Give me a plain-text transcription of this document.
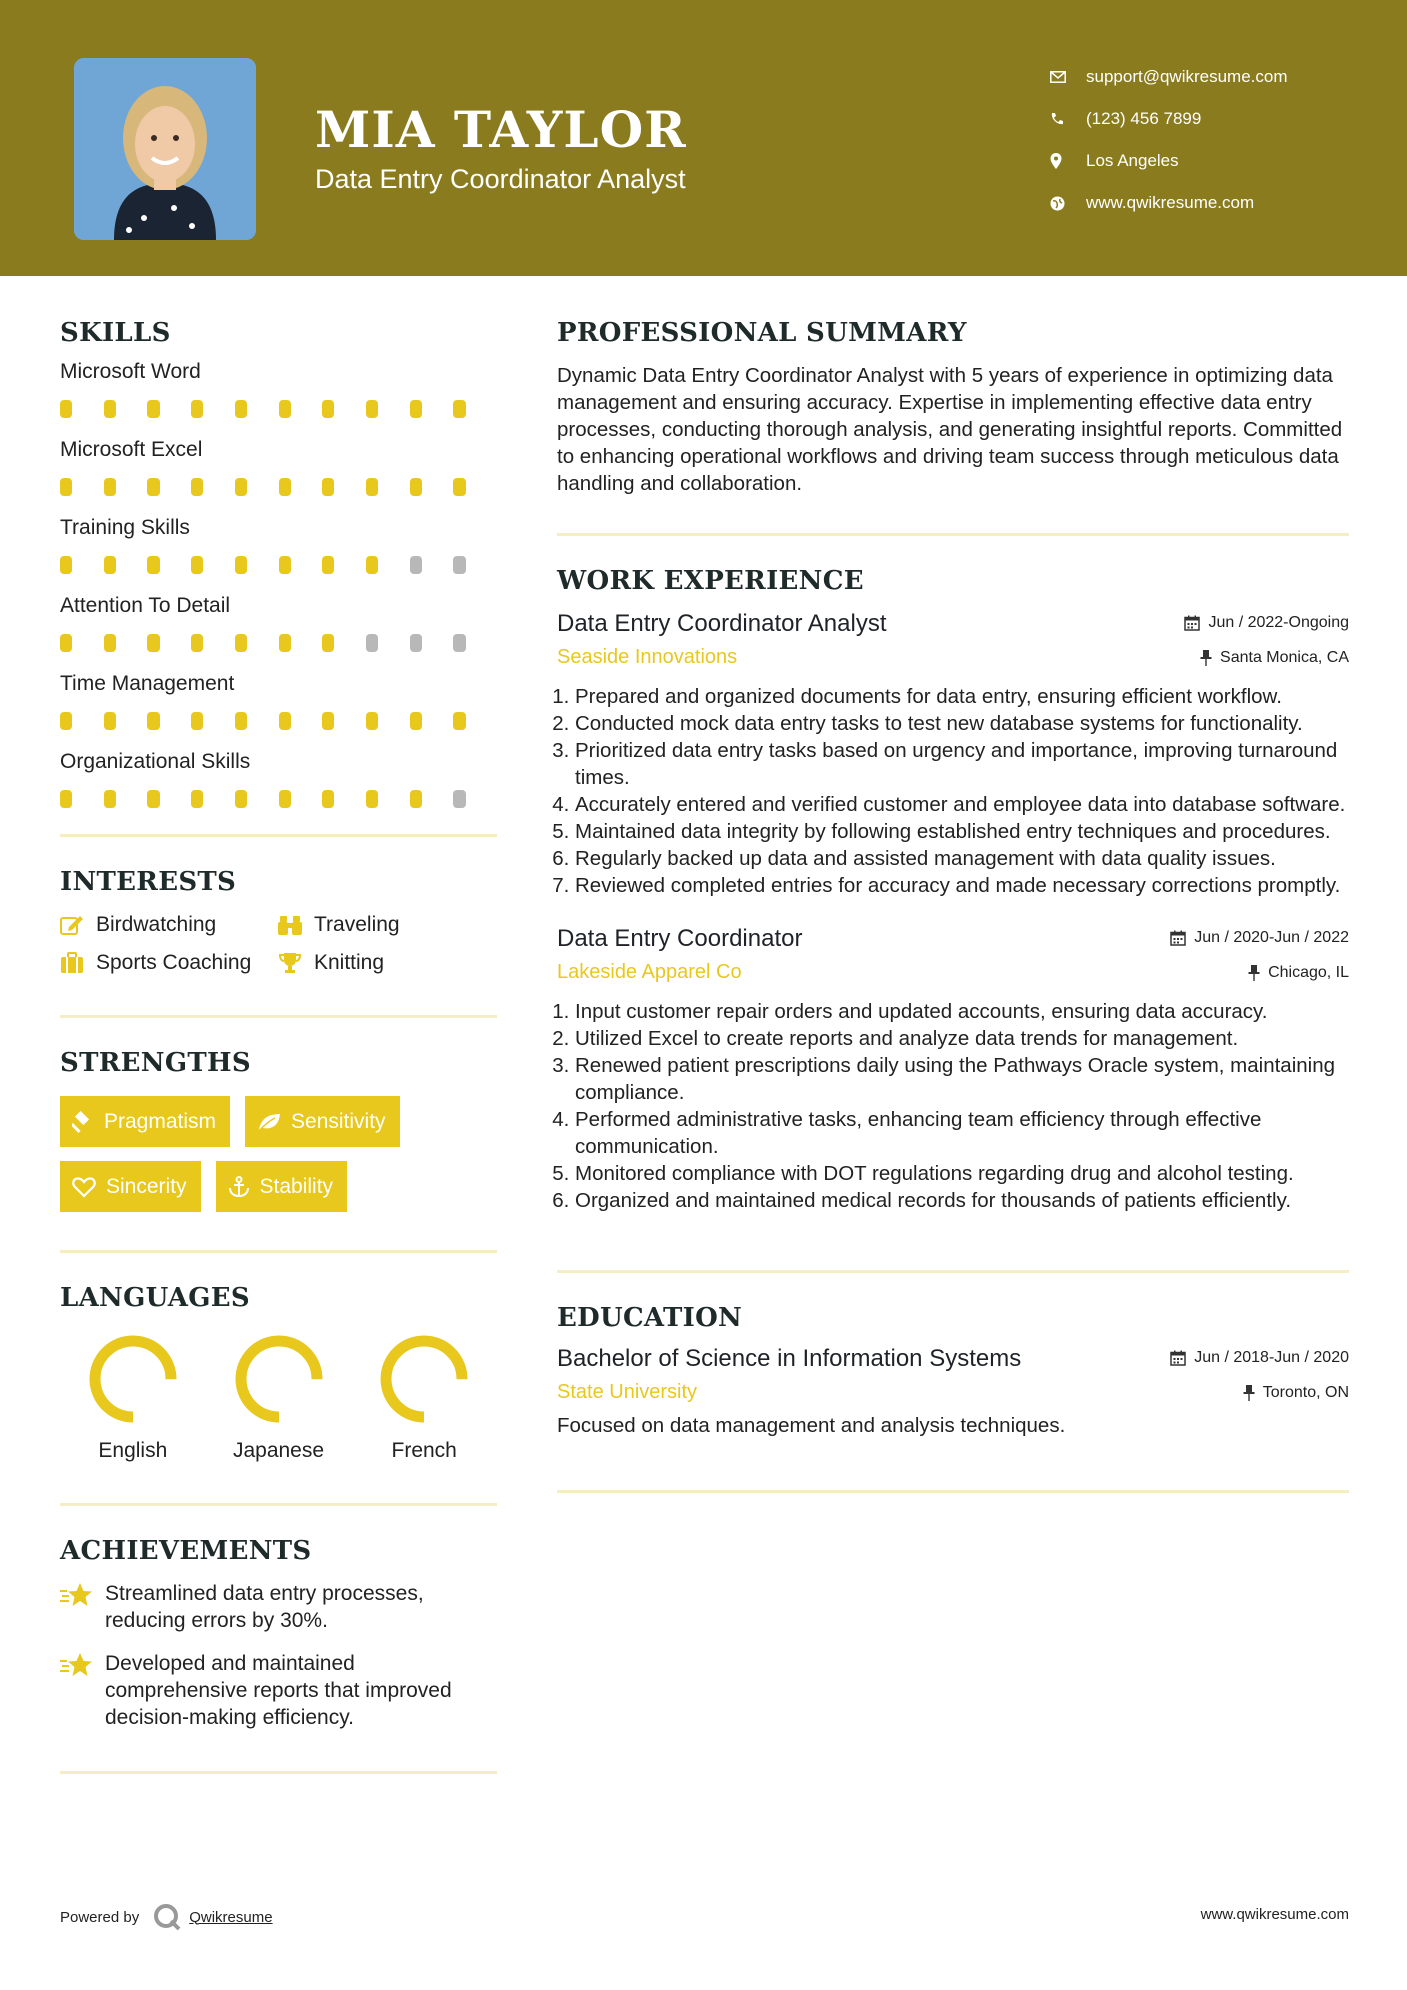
MIA TAYLOR
Data Entry Coordinator Analyst
support@qwikresume.com
(123) 456 7899
Los Angeles
www.qwikresume.com
SKILLS
Microsoft Word
Microsoft Excel
Training Skills
Attention To Detail
Time Management
Organizational Skills
INTERESTS
Birdwatching	Traveling
Sports Coaching	Knitting
STRENGTHS
Pragmatism	Sensitivity
Sincerity	Stability
LANGUAGES
English	Japanese	French
ACHIEVEMENTS
Streamlined data entry processes, reducing errors by 30%.
Developed and maintained comprehensive reports that improved decision-making efficiency.
PROFESSIONAL SUMMARY
Dynamic Data Entry Coordinator Analyst with 5 years of experience in optimizing data management and ensuring accuracy. Expertise in implementing effective data entry processes, conducting thorough analysis, and generating insightful reports. Committed to enhancing operational workflows and driving team success through meticulous data handling and collaboration.
WORK EXPERIENCE
Data Entry Coordinator Analyst	Jun / 2022-Ongoing
Seaside Innovations	Santa Monica, CA
1. Prepared and organized documents for data entry, ensuring efficient workflow.
2. Conducted mock data entry tasks to test new database systems for functionality.
3. Prioritized data entry tasks based on urgency and importance, improving turnaround times.
4. Accurately entered and verified customer and employee data into database software.
5. Maintained data integrity by following established entry techniques and procedures.
6. Regularly backed up data and assisted management with data quality issues.
7. Reviewed completed entries for accuracy and made necessary corrections promptly.
Data Entry Coordinator	Jun / 2020-Jun / 2022
Lakeside Apparel Co	Chicago, IL
1. Input customer repair orders and updated accounts, ensuring data accuracy.
2. Utilized Excel to create reports and analyze data trends for management.
3. Renewed patient prescriptions daily using the Pathways Oracle system, maintaining compliance.
4. Performed administrative tasks, enhancing team efficiency through effective communication.
5. Monitored compliance with DOT regulations regarding drug and alcohol testing.
6. Organized and maintained medical records for thousands of patients efficiently.
EDUCATION
Bachelor of Science in Information Systems	Jun / 2018-Jun / 2020
State University	Toronto, ON
Focused on data management and analysis techniques.
Powered by	Qwikresume	www.qwikresume.com
